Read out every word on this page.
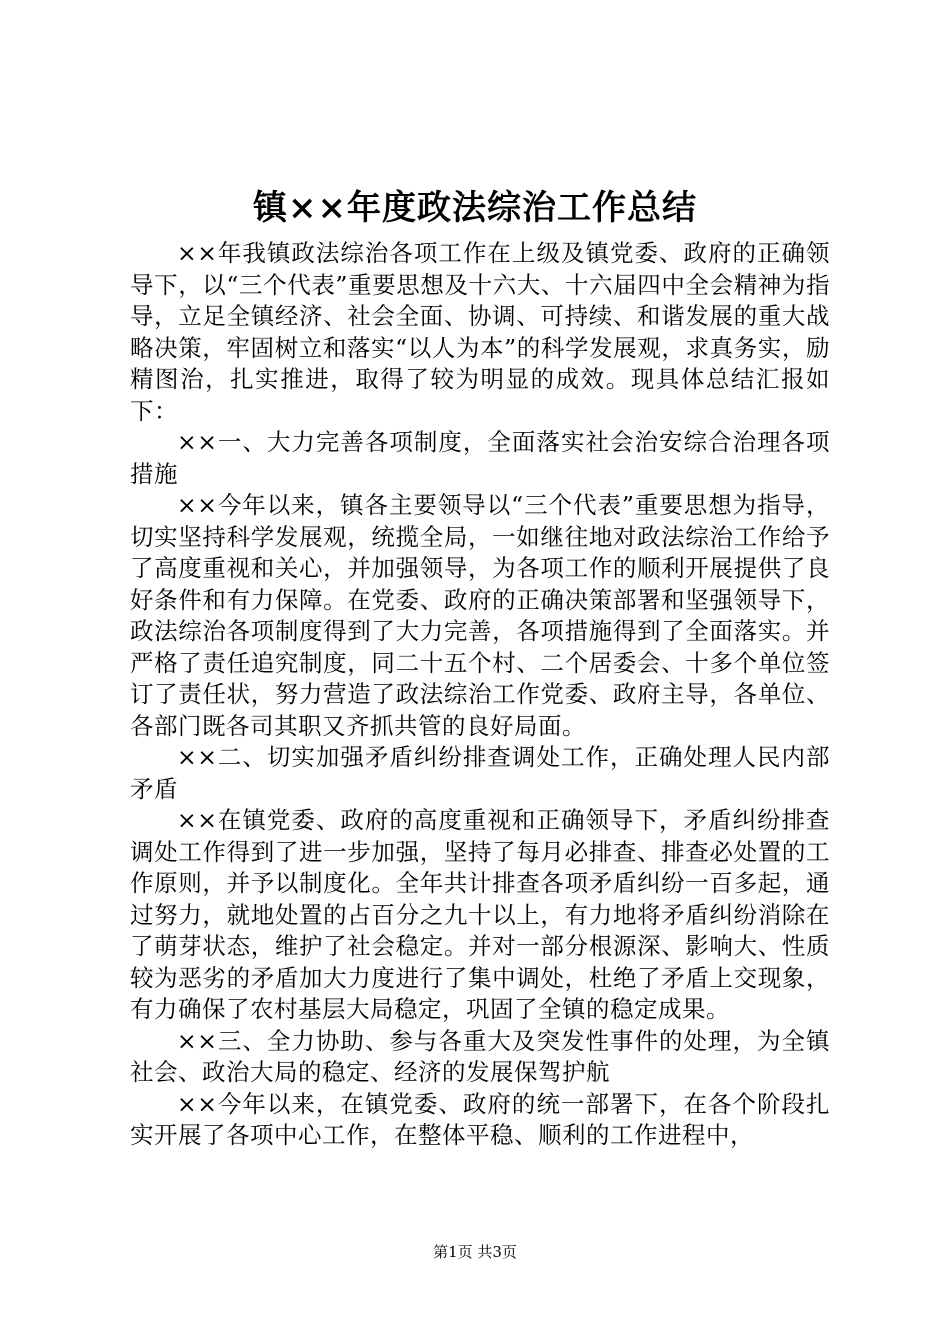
镇××年度政法综治工作总结

××年我镇政法综治各项工作在上级及镇党委、政府的正确领导下，以“三个代表”重要思想及十六大、十六届四中全会精神为指导，立足全镇经济、社会全面、协调、可持续、和谐发展的重大战略决策，牢固树立和落实“以人为本”的科学发展观，求真务实，励精图治，扎实推进，取得了较为明显的成效。现具体总结汇报如下：

××一、大力完善各项制度，全面落实社会治安综合治理各项措施

××今年以来，镇各主要领导以“三个代表”重要思想为指导，切实坚持科学发展观，统揽全局，一如继往地对政法综治工作给予了高度重视和关心，并加强领导，为各项工作的顺利开展提供了良好条件和有力保障。在党委、政府的正确决策部署和坚强领导下，政法综治各项制度得到了大力完善，各项措施得到了全面落实。并严格了责任追究制度，同二十五个村、二个居委会、十多个单位签订了责任状，努力营造了政法综治工作党委、政府主导，各单位、各部门既各司其职又齐抓共管的良好局面。

××二、切实加强矛盾纠纷排查调处工作，正确处理人民内部矛盾

××在镇党委、政府的高度重视和正确领导下，矛盾纠纷排查调处工作得到了进一步加强，坚持了每月必排查、排查必处置的工作原则，并予以制度化。全年共计排查各项矛盾纠纷一百多起，通过努力，就地处置的占百分之九十以上，有力地将矛盾纠纷消除在了萌芽状态，维护了社会稳定。并对一部分根源深、影响大、性质较为恶劣的矛盾加大力度进行了集中调处，杜绝了矛盾上交现象，有力确保了农村基层大局稳定，巩固了全镇的稳定成果。

××三、全力协助、参与各重大及突发性事件的处理，为全镇社会、政治大局的稳定、经济的发展保驾护航

××今年以来，在镇党委、政府的统一部署下，在各个阶段扎实开展了各项中心工作，在整体平稳、顺利的工作进程中，

第1页 共3页
